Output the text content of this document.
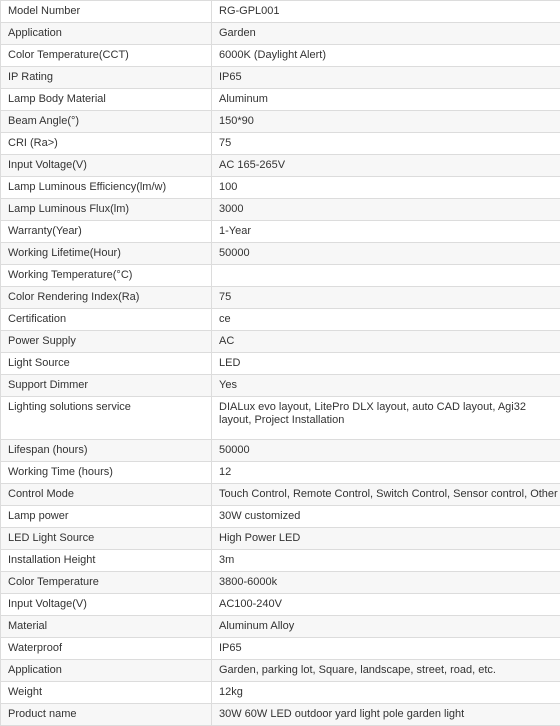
Model Number	RG-GPL001
Application	Garden
Color Temperature(CCT)	6000K (Daylight Alert)
IP Rating	IP65
Lamp Body Material	Aluminum
Beam Angle(°)	150*90
CRI (Ra>)	75
Input Voltage(V)	AC 165-265V
Lamp Luminous Efficiency(lm/w)	100
Lamp Luminous Flux(lm)	3000
Warranty(Year)	1-Year
Working Lifetime(Hour)	50000
Working Temperature(°C)	
Color Rendering Index(Ra)	75
Certification	ce
Power Supply	AC
Light Source	LED
Support Dimmer	Yes
Lighting solutions service	DIALux evo layout, LitePro DLX layout, auto CAD layout, Agi32 layout, Project Installation
Lifespan (hours)	50000
Working Time (hours)	12
Control Mode	Touch Control, Remote Control, Switch Control, Sensor control, Other
Lamp power	30W customized
LED Light Source	High Power LED
Installation Height	3m
Color Temperature	3800-6000k
Input Voltage(V)	AC100-240V
Material	Aluminum Alloy
Waterproof	IP65
Application	Garden, parking lot, Square, landscape, street, road, etc.
Weight	12kg
Product name	30W 60W LED outdoor yard light pole garden light
